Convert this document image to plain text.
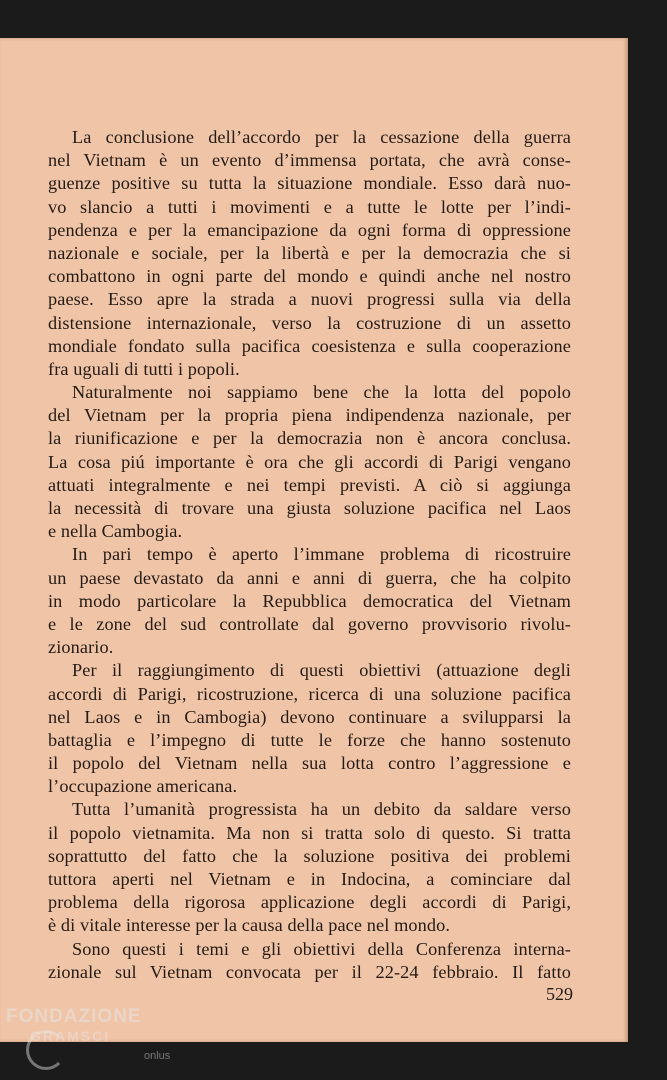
La conclusione dell’accordo per la cessazione della guerra
nel Vietnam è un evento d’immensa portata, che avrà conse-
guenze positive su tutta la situazione mondiale. Esso darà nuo-
vo slancio a tutti i movimenti e a tutte le lotte per l’indi-
pendenza e per la emancipazione da ogni forma di oppressione
nazionale e sociale, per la libertà e per la democrazia che si
combattono in ogni parte del mondo e quindi anche nel nostro
paese. Esso apre la strada a nuovi progressi sulla via della
distensione internazionale, verso la costruzione di un assetto
mondiale fondato sulla pacifica coesistenza e sulla cooperazione
fra uguali di tutti i popoli.
Naturalmente noi sappiamo bene che la lotta del popolo
del Vietnam per la propria piena indipendenza nazionale, per
la riunificazione e per la democrazia non è ancora conclusa.
La cosa piú importante è ora che gli accordi di Parigi vengano
attuati integralmente e nei tempi previsti. A ciò si aggiunga
la necessità di trovare una giusta soluzione pacifica nel Laos
e nella Cambogia.
In pari tempo è aperto l’immane problema di ricostruire
un paese devastato da anni e anni di guerra, che ha colpito
in modo particolare la Repubblica democratica del Vietnam
e le zone del sud controllate dal governo provvisorio rivolu-
zionario.
Per il raggiungimento di questi obiettivi (attuazione degli
accordi di Parigi, ricostruzione, ricerca di una soluzione pacifica
nel Laos e in Cambogia) devono continuare a svilupparsi la
battaglia e l’impegno di tutte le forze che hanno sostenuto
il popolo del Vietnam nella sua lotta contro l’aggressione e
l’occupazione americana.
Tutta l’umanità progressista ha un debito da saldare verso
il popolo vietnamita. Ma non si tratta solo di questo. Si tratta
soprattutto del fatto che la soluzione positiva dei problemi
tuttora aperti nel Vietnam e in Indocina, a cominciare dal
problema della rigorosa applicazione degli accordi di Parigi,
è di vitale interesse per la causa della pace nel mondo.
Sono questi i temi e gli obiettivi della Conferenza interna-
zionale sul Vietnam convocata per il 22-24 febbraio. Il fatto
529
FONDAZIONE
GRAMSCI
onlus
